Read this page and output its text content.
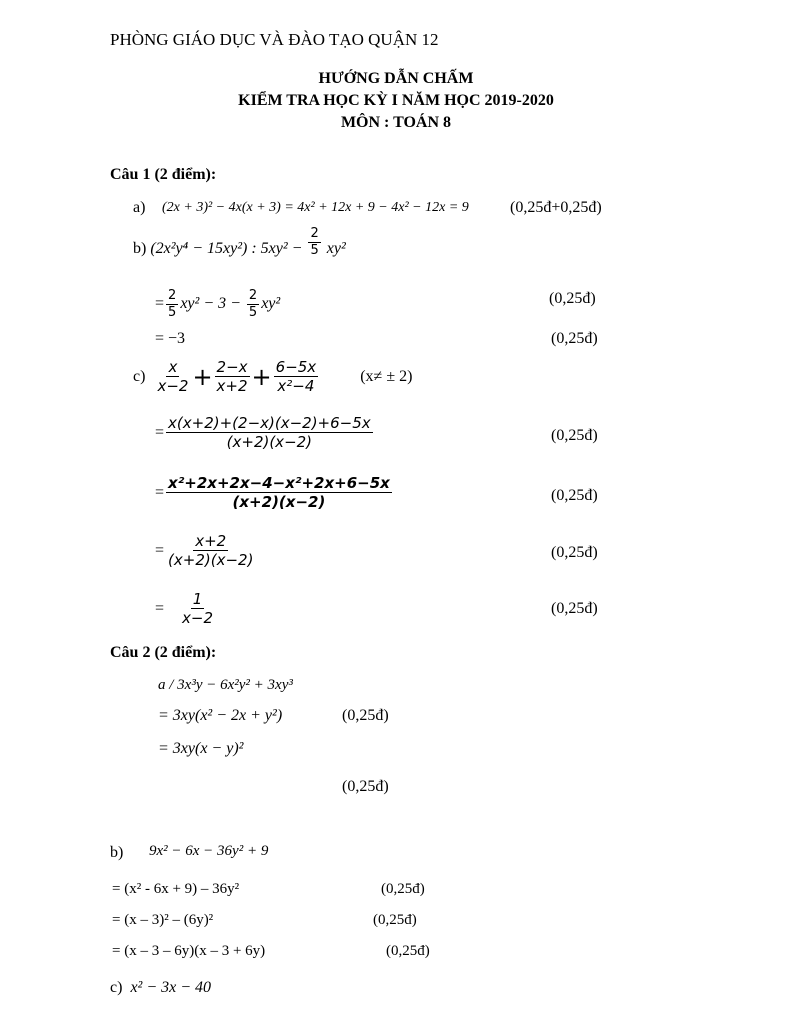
PHÒNG GIÁO DỤC VÀ ĐÀO TẠO QUẬN 12
HƯỚNG DẪN CHẤM
KIỂM TRA HỌC KỲ I NĂM HỌC 2019-2020
MÔN : TOÁN 8
Câu 1 (2 điểm):
a) (2x + 3)² − 4x(x + 3) = 4x² + 12x + 9 − 4x² − 12x = 9	(0,25đ+0,25đ)
b) (2x²y⁴ − 15xy²) : $5xy^2 - \frac{2}{5} xy^2$
= $\frac{2}{5} xy^2 - 3 - \frac{2}{5} xy^2$	(0,25đ)
= −3	(0,25đ)
$c) \frac{x}{x-2} + \frac{2-x}{x+2} + \frac{6-5x}{\text{x²−4}}$	(x≠ ± 2)
= $\frac{x(x+2)+(2-x)(x-2)+6-5x}{(x+2)(x-2)}$	(0,25đ)
= $\frac{\text{x²+2x+2x−4−x²+2x+6−5x}}{(x+2)(x-2)}$	(0,25đ)
= $\frac{x+2}{(x+2)(x-2)}$	(0,25đ)
= $\frac{1}{x-2}$	(0,25đ)
Câu 2 (2 điểm):
a / 3x³y − 6x²y² + 3xy³
= 3xy(x² − 2x + y²)	(0,25đ)
= 3xy(x − y)²
(0,25đ)
b) 9x² − 6x − 36y² + 9
= (x² - 6x + 9) – 36y²	(0,25đ)
= (x – 3)² – (6y)²	(0,25đ)
= (x – 3 – 6y)(x – 3 + 6y)	(0,25đ)
c) x² − 3x − 40
